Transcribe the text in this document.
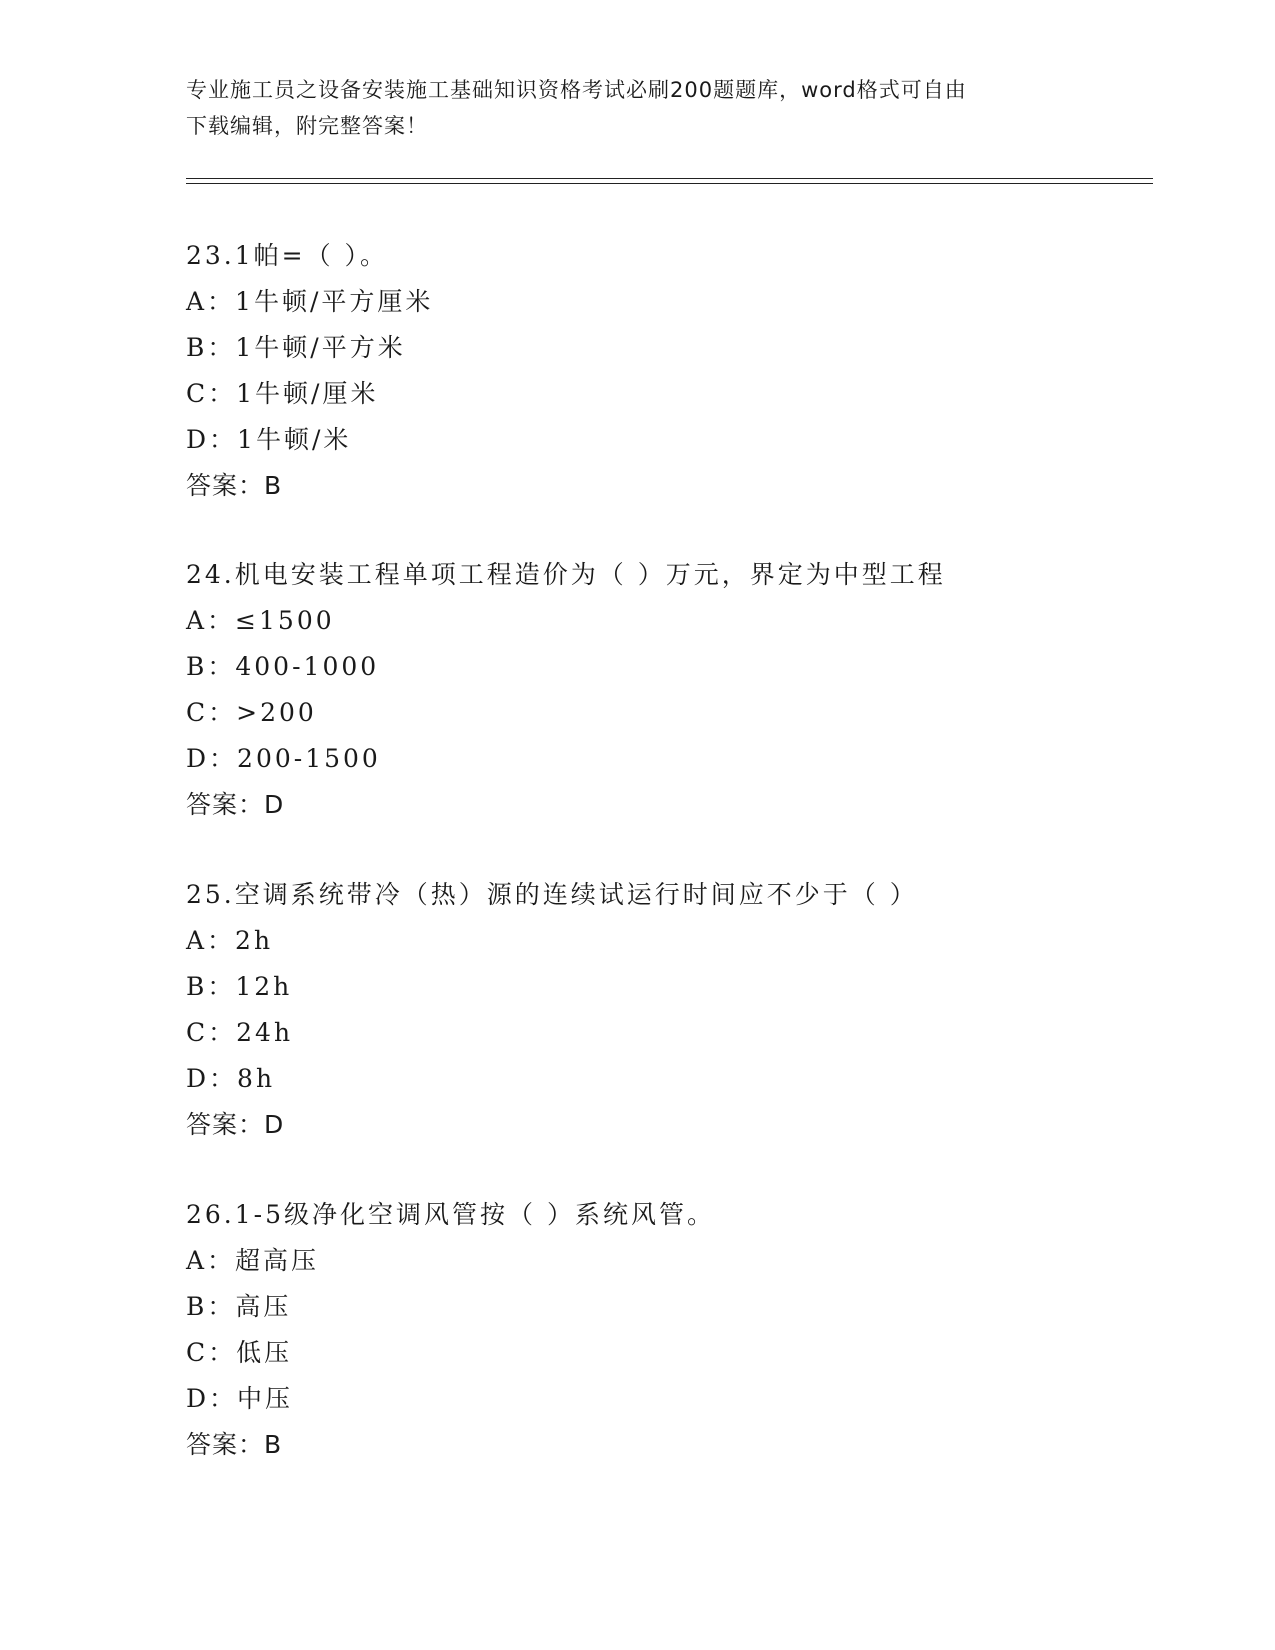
专业施工员之设备安装施工基础知识资格考试必刷200题题库，word格式可自由
下载编辑，附完整答案！
23.1帕=（ ）。
A：1牛顿/平方厘米
B：1牛顿/平方米
C：1牛顿/厘米
D：1牛顿/米
答案：B
24.机电安装工程单项工程造价为（ ）万元，界定为中型工程
A：≤1500
B：400-1000
C：>200
D：200-1500
答案：D
25.空调系统带冷（热）源的连续试运行时间应不少于（ ）
A：2h
B：12h
C：24h
D：8h
答案：D
26.1-5级净化空调风管按（ ）系统风管。
A：超高压
B：高压
C：低压
D：中压
答案：B
